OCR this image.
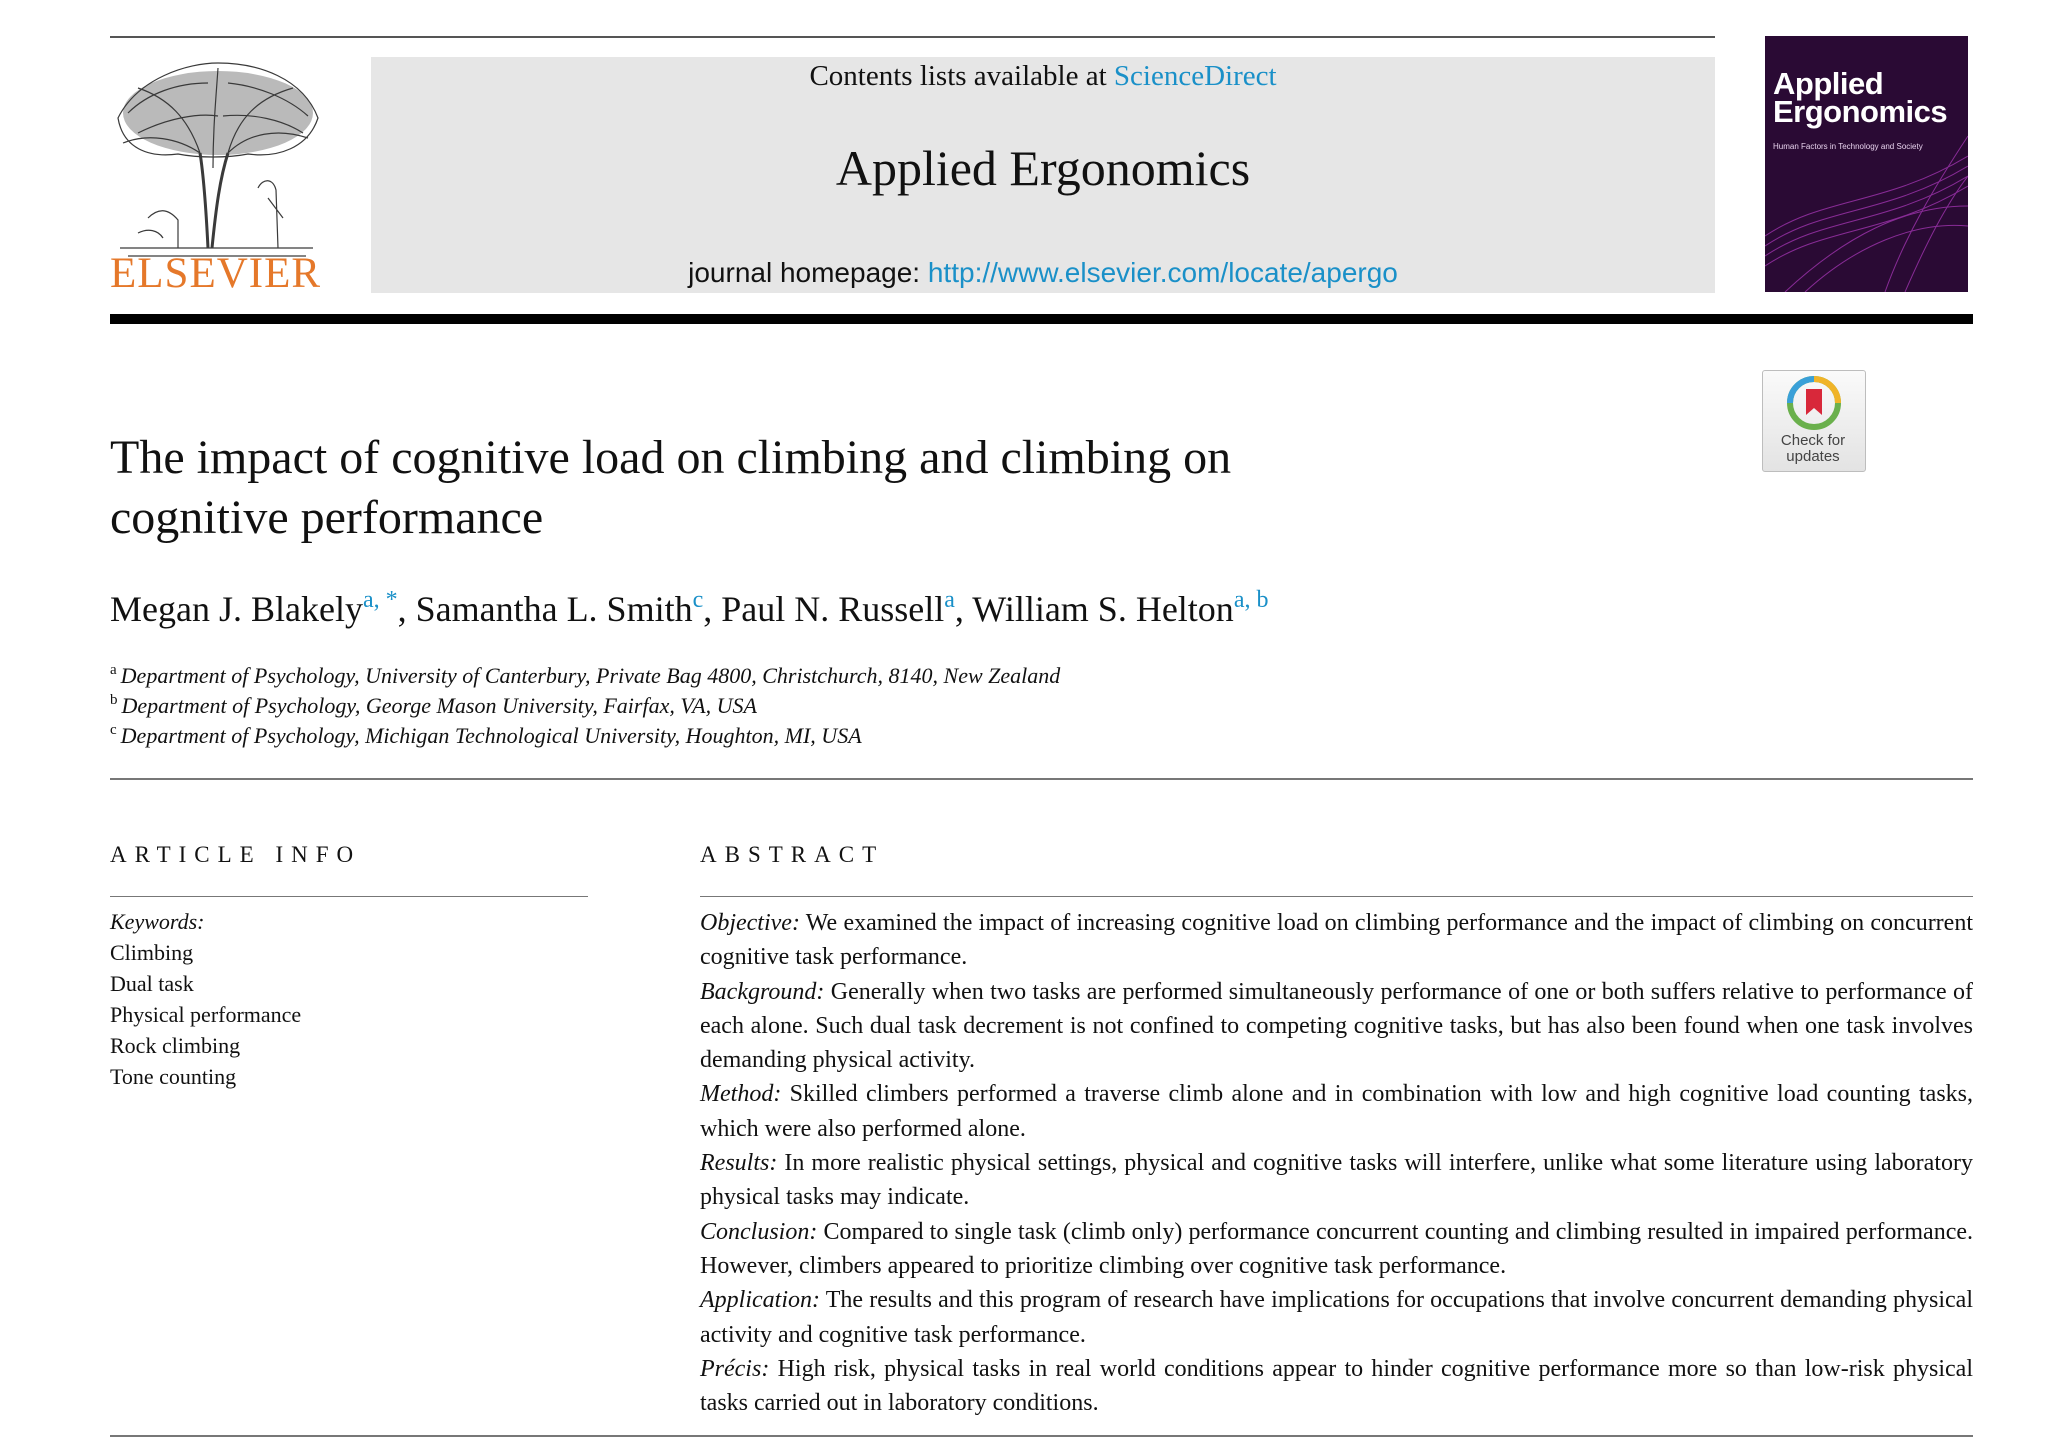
ELSEVIER
Contents lists available at ScienceDirect
Applied Ergonomics
journal homepage: http://www.elsevier.com/locate/apergo
Applied
Ergonomics
Human Factors in Technology and Society
Check for
updates
The impact of cognitive load on climbing and climbing on
cognitive performance
Megan J. Blakely$^{a, *}$, Samantha L. Smith$^c$, Paul N. Russell$^a$, William S. Helton$^{a, b}$
$^a$ Department of Psychology, University of Canterbury, Private Bag 4800, Christchurch, 8140, New Zealand
$^b$ Department of Psychology, George Mason University, Fairfax, VA, USA
$^c$ Department of Psychology, Michigan Technological University, Houghton, MI, USA
ARTICLE INFO
Keywords:
Climbing
Dual task
Physical performance
Rock climbing
Tone counting
ABSTRACT

Objective: We examined the impact of increasing cognitive load on climbing performance and the impact of climbing on concurrent cognitive task performance.

Background: Generally when two tasks are performed simultaneously performance of one or both suffers relative to performance of each alone. Such dual task decrement is not confined to competing cognitive tasks, but has also been found when one task involves demanding physical activity.

Method: Skilled climbers performed a traverse climb alone and in combination with low and high cognitive load counting tasks, which were also performed alone.

Results: In more realistic physical settings, physical and cognitive tasks will interfere, unlike what some literature using laboratory physical tasks may indicate.

Conclusion: Compared to single task (climb only) performance concurrent counting and climbing resulted in impaired performance. However, climbers appeared to prioritize climbing over cognitive task performance.

Application: The results and this program of research have implications for occupations that involve concurrent demanding physical activity and cognitive task performance.

Précis: High risk, physical tasks in real world conditions appear to hinder cognitive performance more so than low-risk physical tasks carried out in laboratory conditions.
